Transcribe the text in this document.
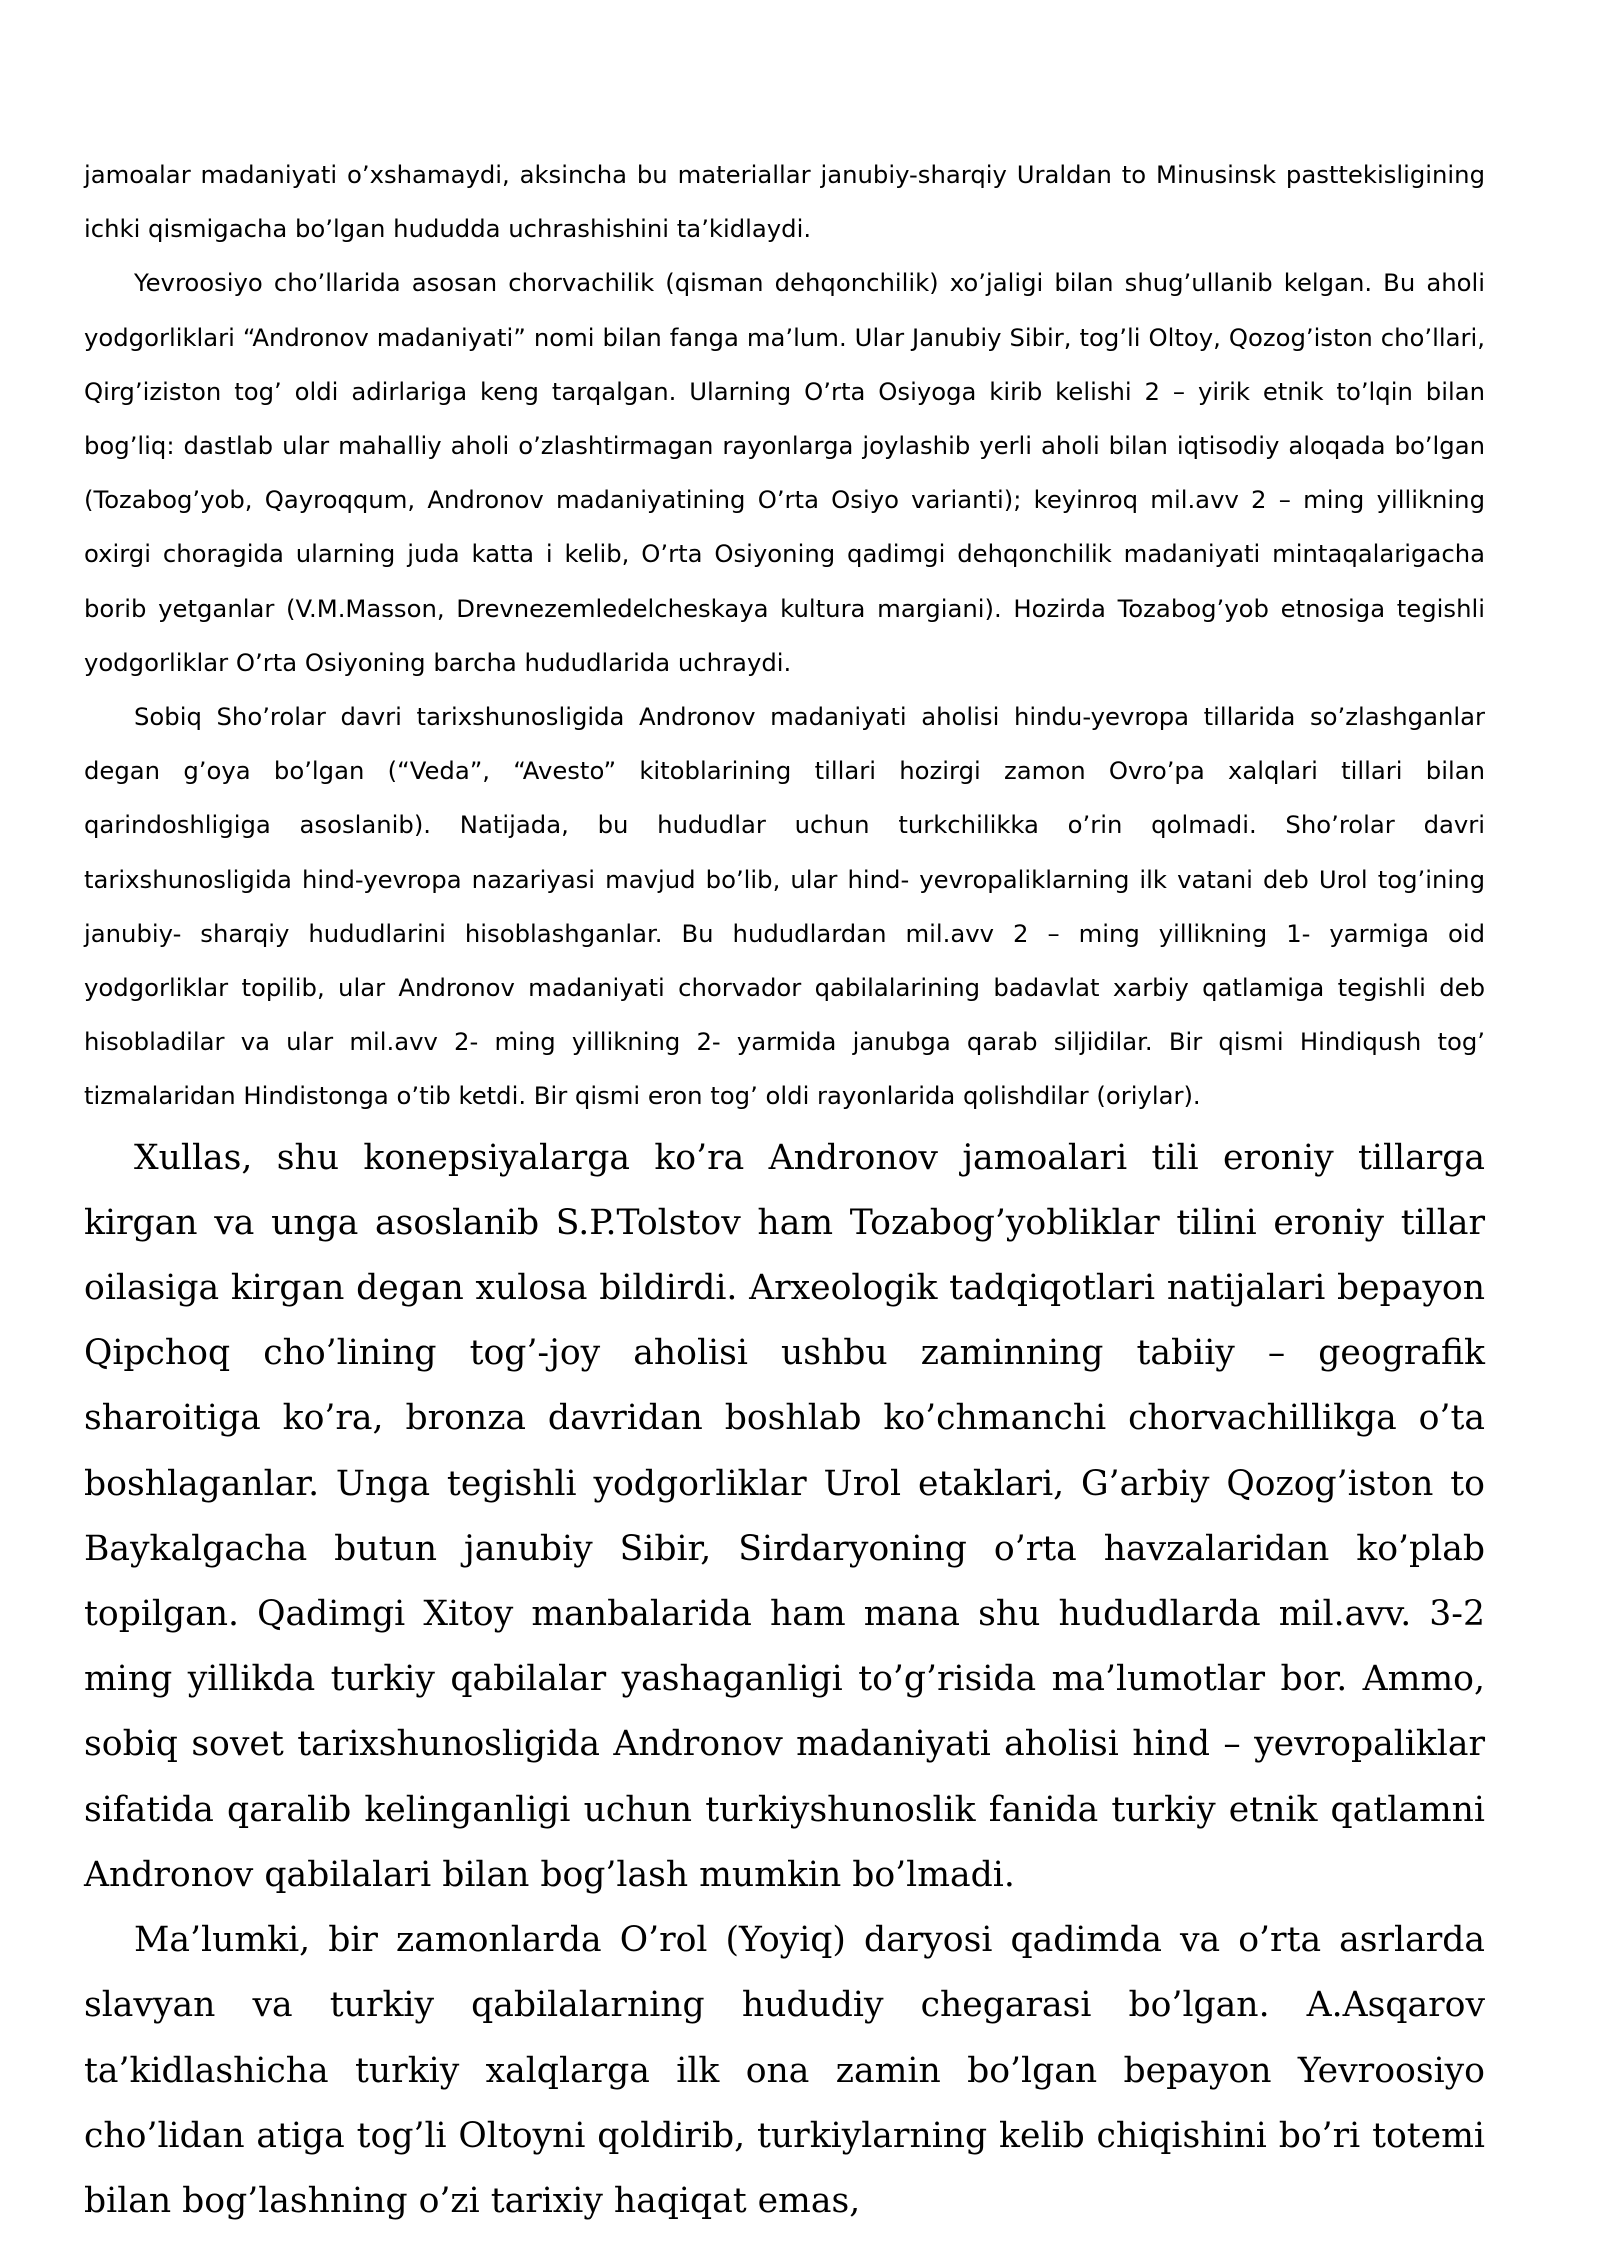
jamoalar madaniyati o’xshamaydi, aksincha bu materiallar janubiy-sharqiy Uraldan to Minusinsk pasttekisligining ichki qismigacha bo’lgan hududda uchrashishini ta’kidlaydi.

Yevroosiyo cho’llarida asosan chorvachilik (qisman dehqonchilik) xo’jaligi bilan shug’ullanib kelgan. Bu aholi yodgorliklari “Andronov madaniyati” nomi bilan fanga ma’lum. Ular Janubiy Sibir, tog’li Oltoy, Qozog’iston cho’llari, Qirg’iziston tog’ oldi adirlariga keng tarqalgan. Ularning O’rta Osiyoga kirib kelishi 2 – yirik etnik to’lqin bilan bog’liq: dastlab ular mahalliy aholi o’zlashtirmagan rayonlarga joylashib yerli aholi bilan iqtisodiy aloqada bo’lgan (Tozabog’yob, Qayroqqum, Andronov madaniyatining O’rta Osiyo varianti); keyinroq mil.avv 2 – ming yillikning oxirgi choragida ularning juda katta i kelib, O’rta Osiyoning qadimgi dehqonchilik madaniyati mintaqalarigacha borib yetganlar (V.M.Masson, Drevnezemledelcheskaya kultura margiani). Hozirda Tozabog’yob etnosiga tegishli yodgorliklar O’rta Osiyoning barcha hududlarida uchraydi.

Sobiq Sho’rolar davri tarixshunosligida Andronov madaniyati aholisi hindu-yevropa tillarida so’zlashganlar degan g’oya bo’lgan (“Veda”, “Avesto” kitoblarining tillari hozirgi zamon Ovro’pa xalqlari tillari bilan qarindoshligiga asoslanib). Natijada, bu hududlar uchun turkchilikka o’rin qolmadi. Sho’rolar davri tarixshunosligida hind-yevropa nazariyasi mavjud bo’lib, ular hind- yevropaliklarning ilk vatani deb Urol tog’ining janubiy- sharqiy hududlarini hisoblashganlar. Bu hududlardan mil.avv 2 – ming yillikning 1- yarmiga oid yodgorliklar topilib, ular Andronov madaniyati chorvador qabilalarining badavlat xarbiy qatlamiga tegishli deb hisobladilar va ular mil.avv 2- ming yillikning 2- yarmida janubga qarab siljidilar. Bir qismi Hindiqush tog’ tizmalaridan Hindistonga o’tib ketdi. Bir qismi eron tog’ oldi rayonlarida qolishdilar (oriylar).

Xullas, shu konepsiyalarga ko’ra Andronov jamoalari tili eroniy tillarga kirgan va unga asoslanib S.P.Tolstov ham Tozabog’yobliklar tilini eroniy tillar oilasiga kirgan degan xulosa bildirdi. Arxeologik tadqiqotlari natijalari bepayon Qipchoq cho’lining tog’-joy aholisi ushbu zaminning tabiiy – geografik sharoitiga ko’ra, bronza davridan boshlab ko’chmanchi chorvachillikga o’ta boshlaganlar. Unga tegishli yodgorliklar Urol etaklari, G’arbiy Qozog’iston to Baykalgacha butun janubiy Sibir, Sirdaryoning o’rta havzalaridan ko’plab topilgan. Qadimgi Xitoy manbalarida ham mana shu hududlarda mil.avv. 3-2 ming yillikda turkiy qabilalar yashaganligi to’g’risida ma’lumotlar bor. Ammo, sobiq sovet tarixshunosligida Andronov madaniyati aholisi hind – yevropaliklar sifatida qaralib kelinganligi uchun turkiyshunoslik fanida turkiy etnik qatlamni Andronov qabilalari bilan bog’lash mumkin bo’lmadi.

Ma’lumki, bir zamonlarda O’rol (Yoyiq) daryosi qadimda va o’rta asrlarda slavyan va turkiy qabilalarning hududiy chegarasi bo’lgan. A.Asqarov ta’kidlashicha turkiy xalqlarga ilk ona zamin bo’lgan bepayon Yevroosiyo cho’lidan atiga tog’li Oltoyni qoldirib, turkiylarning kelib chiqishini bo’ri totemi bilan bog’lashning o’zi tarixiy haqiqat emas,
